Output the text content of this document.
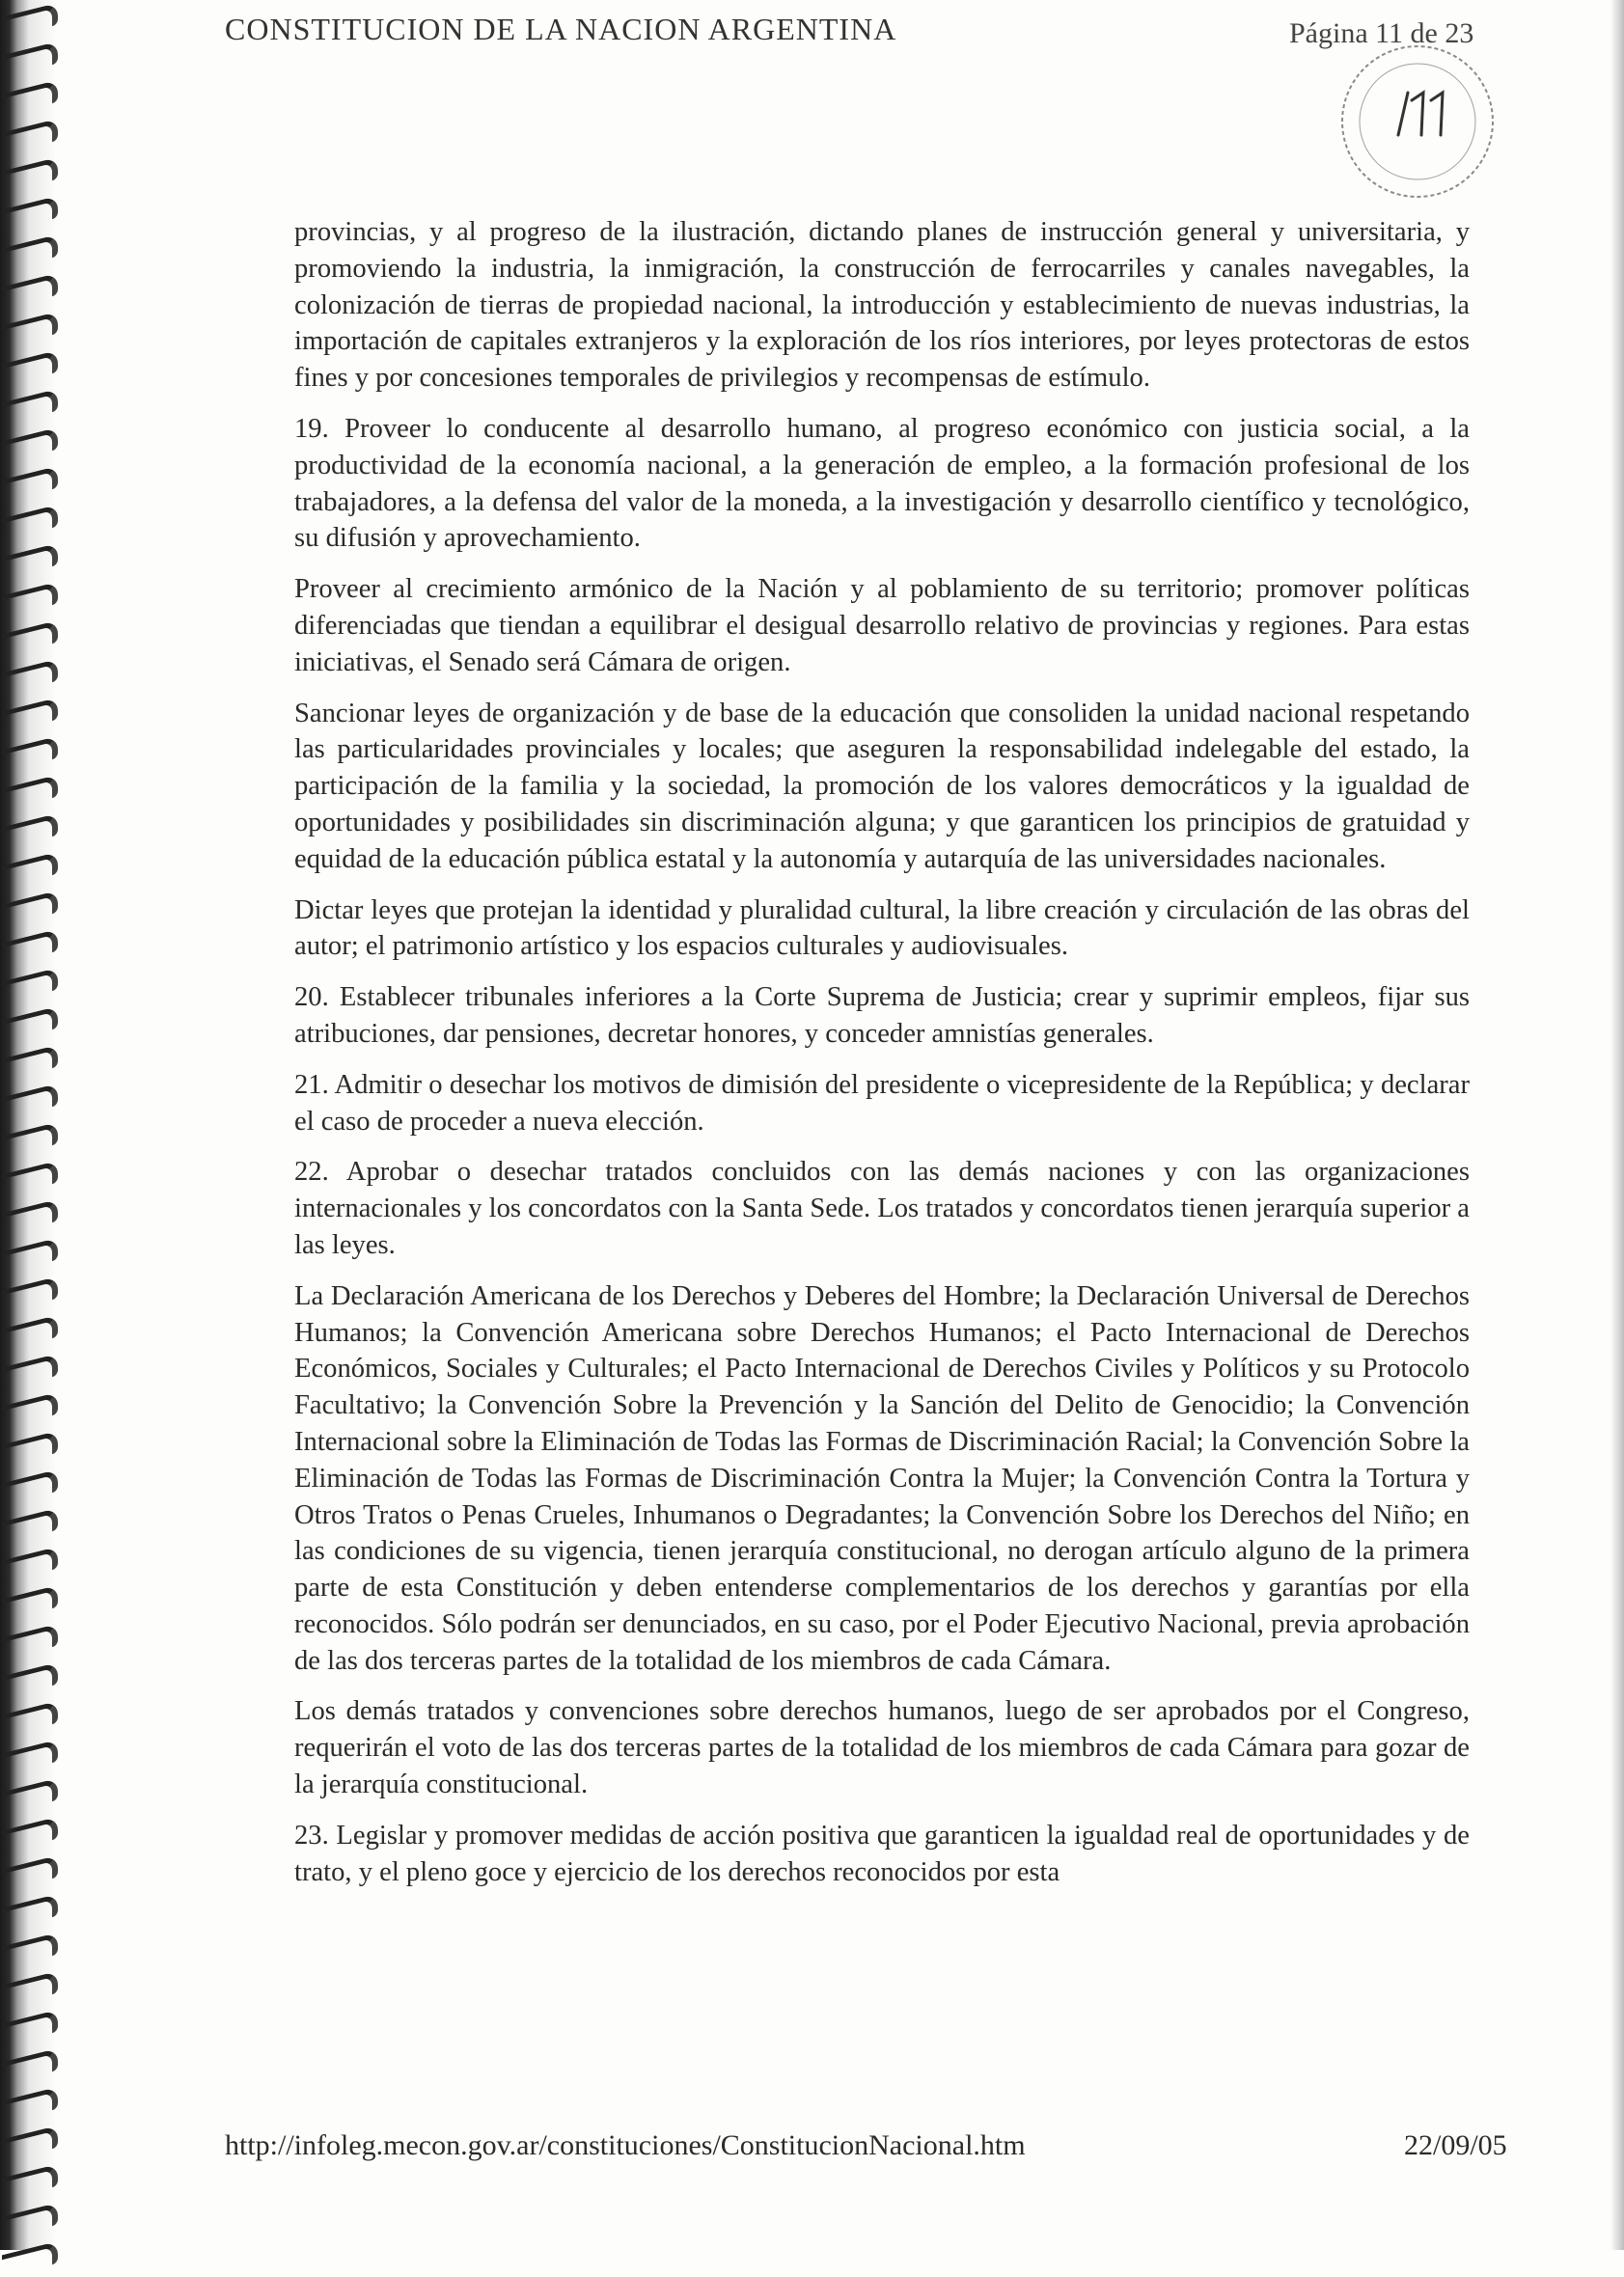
CONSTITUCION DE LA NACION ARGENTINA	Página 11 de 23

provincias, y al progreso de la ilustración, dictando planes de instrucción general y universitaria, y promoviendo la industria, la inmigración, la construcción de ferrocarriles y canales navegables, la colonización de tierras de propiedad nacional, la introducción y establecimiento de nuevas industrias, la importación de capitales extranjeros y la exploración de los ríos interiores, por leyes protectoras de estos fines y por concesiones temporales de privilegios y recompensas de estímulo.

19. Proveer lo conducente al desarrollo humano, al progreso económico con justicia social, a la productividad de la economía nacional, a la generación de empleo, a la formación profesional de los trabajadores, a la defensa del valor de la moneda, a la investigación y desarrollo científico y tecnológico, su difusión y aprovechamiento.

Proveer al crecimiento armónico de la Nación y al poblamiento de su territorio; promover políticas diferenciadas que tiendan a equilibrar el desigual desarrollo relativo de provincias y regiones. Para estas iniciativas, el Senado será Cámara de origen.

Sancionar leyes de organización y de base de la educación que consoliden la unidad nacional respetando las particularidades provinciales y locales; que aseguren la responsabilidad indelegable del estado, la participación de la familia y la sociedad, la promoción de los valores democráticos y la igualdad de oportunidades y posibilidades sin discriminación alguna; y que garanticen los principios de gratuidad y equidad de la educación pública estatal y la autonomía y autarquía de las universidades nacionales.

Dictar leyes que protejan la identidad y pluralidad cultural, la libre creación y circulación de las obras del autor; el patrimonio artístico y los espacios culturales y audiovisuales.

20. Establecer tribunales inferiores a la Corte Suprema de Justicia; crear y suprimir empleos, fijar sus atribuciones, dar pensiones, decretar honores, y conceder amnistías generales.

21. Admitir o desechar los motivos de dimisión del presidente o vicepresidente de la República; y declarar el caso de proceder a nueva elección.

22. Aprobar o desechar tratados concluidos con las demás naciones y con las organizaciones internacionales y los concordatos con la Santa Sede. Los tratados y concordatos tienen jerarquía superior a las leyes.

La Declaración Americana de los Derechos y Deberes del Hombre; la Declaración Universal de Derechos Humanos; la Convención Americana sobre Derechos Humanos; el Pacto Internacional de Derechos Económicos, Sociales y Culturales; el Pacto Internacional de Derechos Civiles y Políticos y su Protocolo Facultativo; la Convención Sobre la Prevención y la Sanción del Delito de Genocidio; la Convención Internacional sobre la Eliminación de Todas las Formas de Discriminación Racial; la Convención Sobre la Eliminación de Todas las Formas de Discriminación Contra la Mujer; la Convención Contra la Tortura y Otros Tratos o Penas Crueles, Inhumanos o Degradantes; la Convención Sobre los Derechos del Niño; en las condiciones de su vigencia, tienen jerarquía constitucional, no derogan artículo alguno de la primera parte de esta Constitución y deben entenderse complementarios de los derechos y garantías por ella reconocidos. Sólo podrán ser denunciados, en su caso, por el Poder Ejecutivo Nacional, previa aprobación de las dos terceras partes de la totalidad de los miembros de cada Cámara.

Los demás tratados y convenciones sobre derechos humanos, luego de ser aprobados por el Congreso, requerirán el voto de las dos terceras partes de la totalidad de los miembros de cada Cámara para gozar de la jerarquía constitucional.

23. Legislar y promover medidas de acción positiva que garanticen la igualdad real de oportunidades y de trato, y el pleno goce y ejercicio de los derechos reconocidos por esta

http://infoleg.mecon.gov.ar/constituciones/ConstitucionNacional.htm	22/09/05
